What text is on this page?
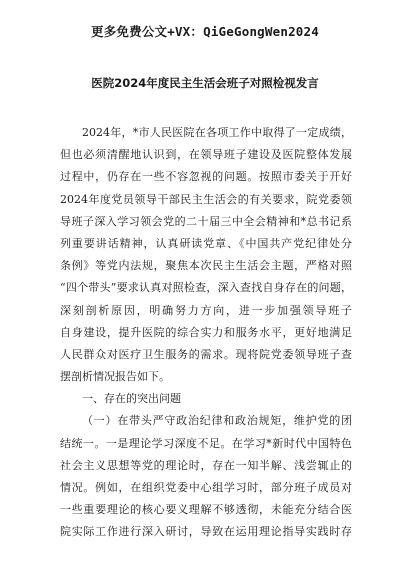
更多免费公文+VX：QiGeGongWen2024
医院2024年度民主生活会班子对照检视发言
2024年，*市人民医院在各项工作中取得了一定成绩，
但也必须清醒地认识到，在领导班子建设及医院整体发展
过程中，仍存在一些不容忽视的问题。按照市委关于开好
2024年度党员领导干部民主生活会的有关要求，院党委领
导班子深入学习领会党的二十届三中全会精神和*总书记系
列重要讲话精神，认真研读党章、《中国共产党纪律处分
条例》等党内法规，聚焦本次民主生活会主题，严格对照
“四个带头”要求认真对照检查，深入查找自身存在的问题，
深刻剖析原因，明确努力方向，进一步加强领导班子
自身建设，提升医院的综合实力和服务水平，更好地满足
人民群众对医疗卫生服务的需求。现将院党委领导班子查
摆剖析情况报告如下。
一、存在的突出问题
（一）在带头严守政治纪律和政治规矩，维护党的团
结统一。一是理论学习深度不足。在学习*新时代中国特色
社会主义思想等党的理论时，存在一知半解、浅尝辄止的
情况。例如，在组织党委中心组学习时，部分班子成员对
一些重要理论的核心要义理解不够透彻，未能充分结合医
院实际工作进行深入研讨，导致在运用理论指导实践时存
